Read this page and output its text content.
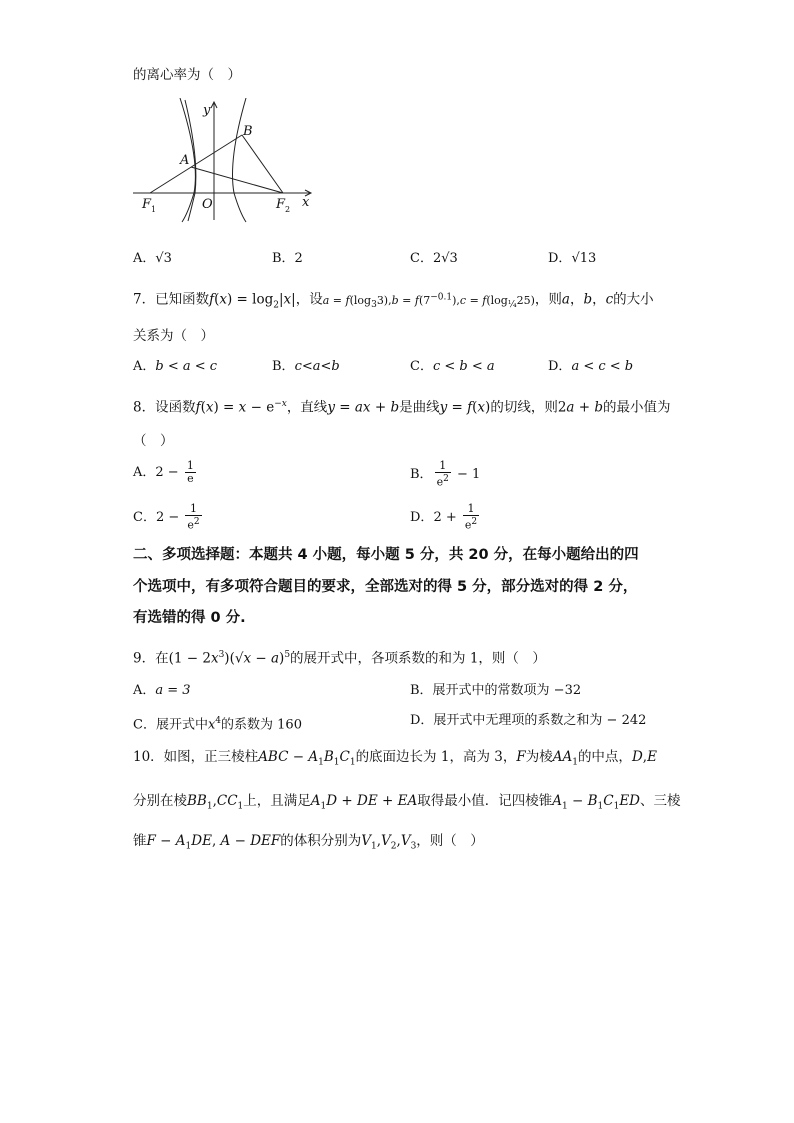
的离心率为（　）
y
B
A
F 1	O	F 2 x
A．√3	B．2	C．2√3	D．√13
7．已知函数$f(x) = \log_2|x|$，设$a = f(\log_33),b = f(7^{-0.1}),c = f(\log_{\frac{1}{4}}25)$，则a，b，c的大小
关系为（　）
A．b < a < c	B．c<a<b	C．c < b < a	D．a < c < b
8．设函数$f(x) = x - e^{-x}$，直线y = ax + b是曲线y = f(x)的切线，则2a + b的最小值为
（　）
A．$2 - \frac{1}{e}$	B． $\frac{1}{e^2} - 1$
C．$2 - \frac{1}{e^2}$	D．$2 + \frac{1}{e^2}$
二、多项选择题：本题共 4 小题，每小题 5 分，共 20 分，在每小题给出的四
个选项中，有多项符合题目的要求，全部选对的得 5 分，部分选对的得 2 分，
有选错的得 0 分.
9．在$(1 - 2x^3)(√x - a)^5$的展开式中，各项系数的和为 1，则（　）
A．a = 3	B．展开式中的常数项为 −32
C．展开式中$x^4$的系数为 160	D．展开式中无理项的系数之和为 − 242
10．如图，正三棱柱ABC − $A_1B_1C_1$的底面边长为 1，高为 3，F为棱$AA_1$的中点，D,E
分别在棱$BB_1,CC_1$上，且满足$A_1D$ + DE + EA取得最小值．记四棱锥$A_1 - B_1C_1ED$、三棱
锥$F - A_1DE$, A − DEF的体积分别为$V_1,V_2,V_3$，则（　）
